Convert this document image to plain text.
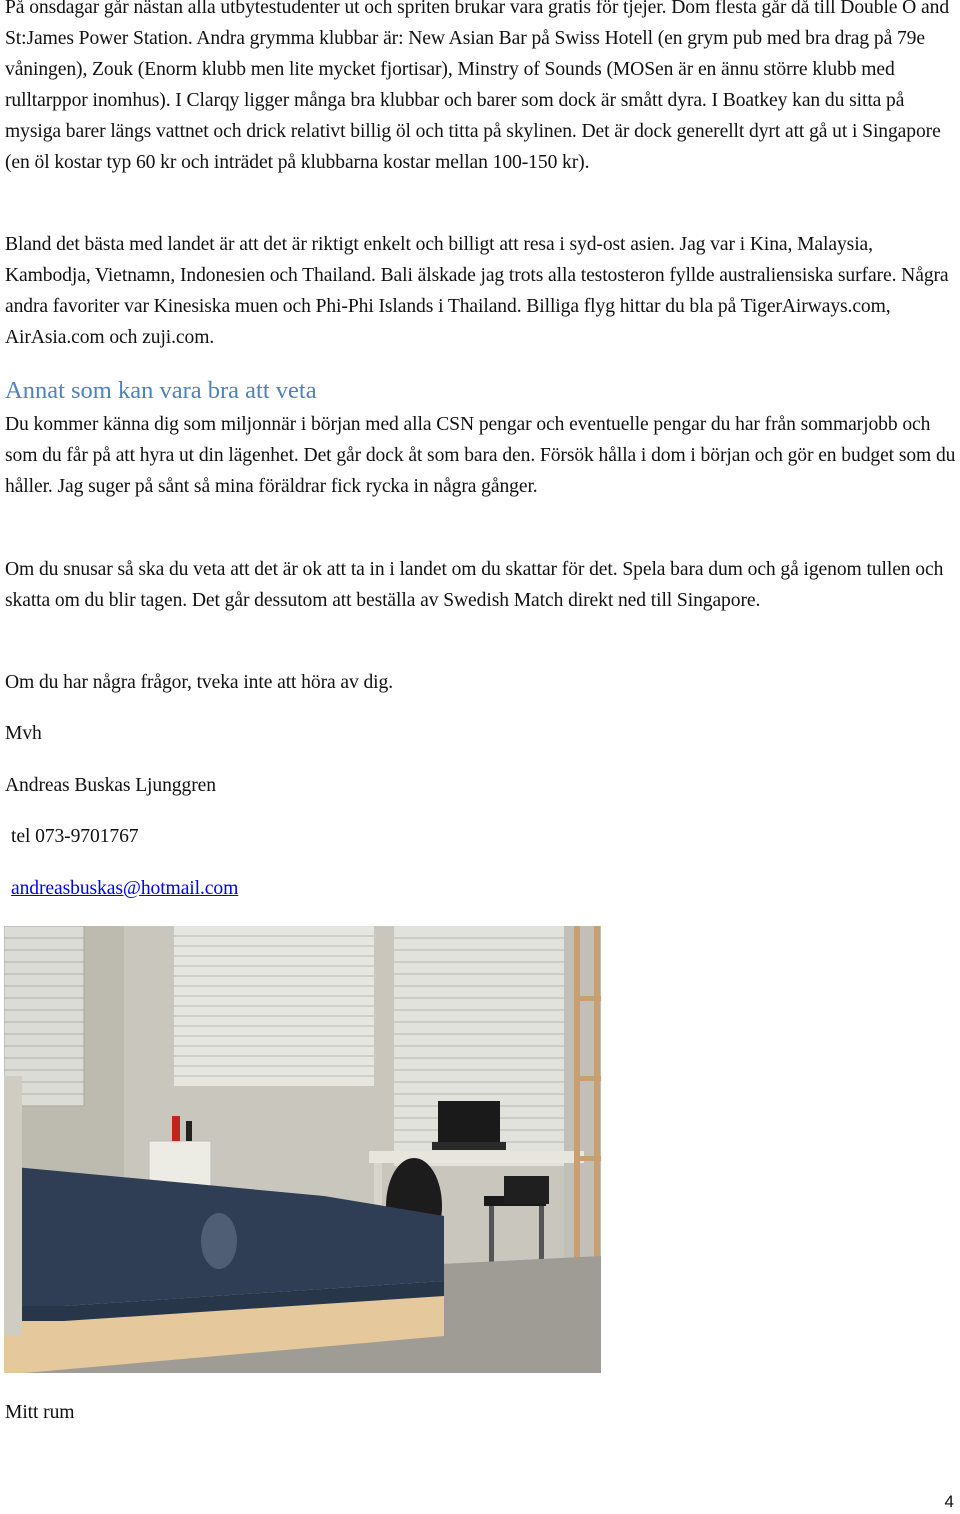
På onsdagar går nästan alla utbytestudenter ut och spriten brukar vara gratis för tjejer. Dom flesta går då till Double O and St:James Power Station. Andra grymma klubbar är: New Asian Bar på Swiss Hotell (en grym pub med bra drag på 79e våningen), Zouk (Enorm klubb men lite mycket fjortisar), Minstry of Sounds (MOSen är en ännu större klubb med rulltarppor inomhus). I Clarqy ligger många bra klubbar och barer som dock är smått dyra. I Boatkey kan du sitta på mysiga barer längs vattnet och drick relativt billig öl och titta på skylinen. Det är dock generellt dyrt att gå ut i Singapore (en öl kostar typ 60 kr och inträdet på klubbarna kostar mellan 100-150 kr).

Bland det bästa med landet är att det är riktigt enkelt och billigt att resa i syd-ost asien. Jag var i Kina, Malaysia, Kambodja, Vietnamn, Indonesien och Thailand. Bali älskade jag trots alla testosteron fyllde australiensiska surfare. Några andra favoriter var Kinesiska muen och Phi-Phi Islands i Thailand. Billiga flyg hittar du bla på TigerAirways.com, AirAsia.com och zuji.com.

Annat som kan vara bra att veta

Du kommer känna dig som miljonnär i början med alla CSN pengar och eventuelle pengar du har från sommarjobb och som du får på att hyra ut din lägenhet. Det går dock åt som bara den. Försök hålla i dom i början och gör en budget som du håller. Jag suger på sånt så mina föräldrar fick rycka in några gånger.

Om du snusar så ska du veta att det är ok att ta in i landet om du skattar för det. Spela bara dum och gå igenom tullen och skatta om du blir tagen. Det går dessutom att beställa av Swedish Match direkt ned till Singapore.

Om du har några frågor, tveka inte att höra av dig.

Mvh

Andreas Buskas Ljunggren

tel 073-9701767

andreasbuskas@hotmail.com

Mitt rum

4
